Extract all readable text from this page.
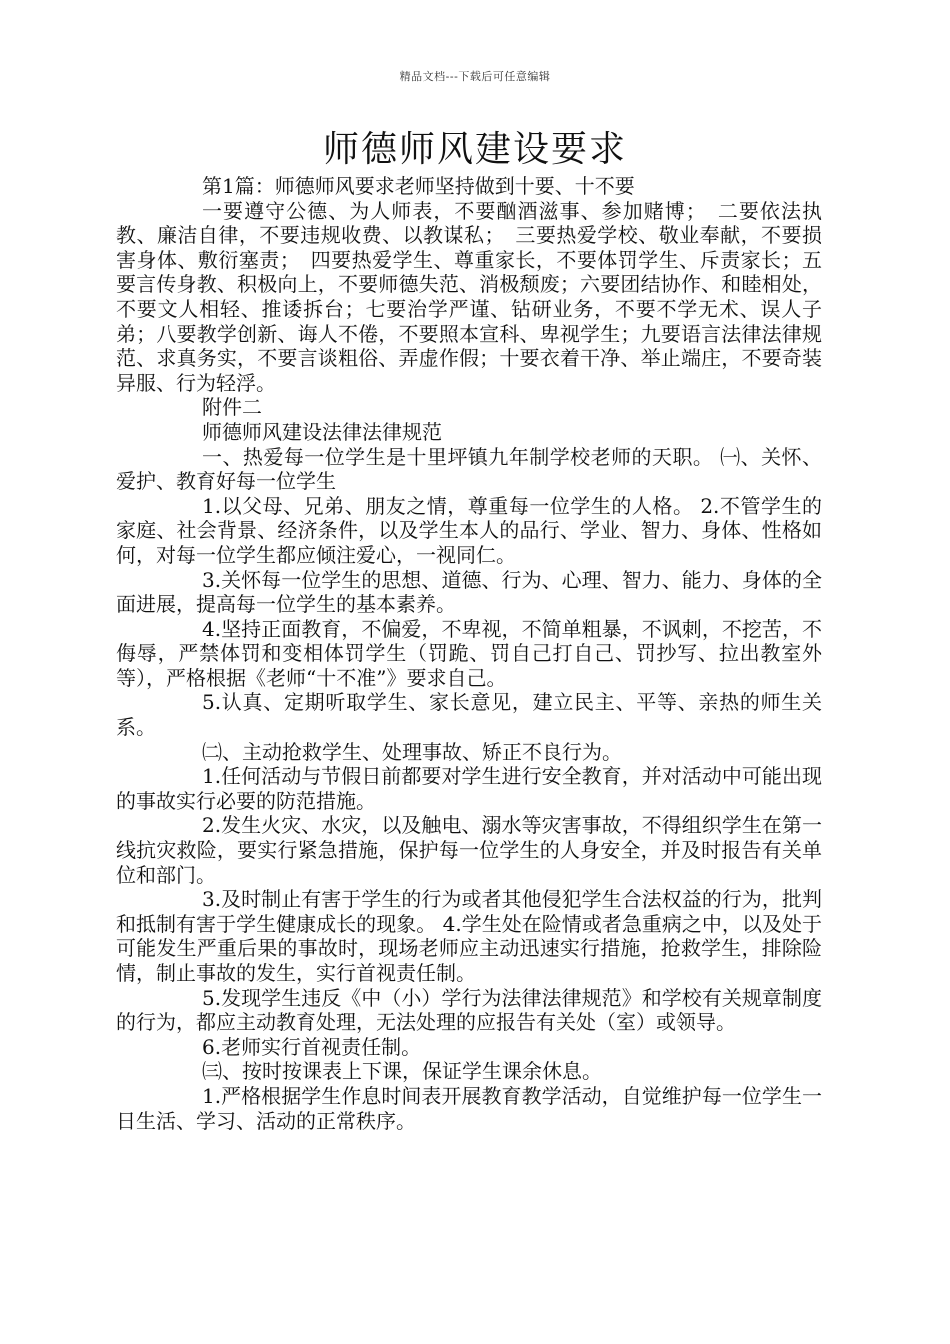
精品文档---下载后可任意编辑
师德师风建设要求

第1篇：师德师风要求老师坚持做到十要、十不要

一要遵守公德、为人师表，不要酗酒滋事、参加赌博；　二要依法执教、廉洁自律，不要违规收费、以教谋私；　三要热爱学校、敬业奉献，不要损害身体、敷衍塞责；　四要热爱学生、尊重家长，不要体罚学生、斥责家长；五要言传身教、积极向上，不要师德失范、消极颓废；六要团结协作、和睦相处，不要文人相轻、推诿拆台；七要治学严谨、钻研业务，不要不学无术、误人子弟；八要教学创新、诲人不倦，不要照本宣科、卑视学生；九要语言法律法律规范、求真务实，不要言谈粗俗、弄虚作假；十要衣着干净、举止端庄，不要奇装异服、行为轻浮。

附件二

师德师风建设法律法律规范

一、热爱每一位学生是十里坪镇九年制学校老师的天职。 ㈠、关怀、爱护、教育好每一位学生

1.以父母、兄弟、朋友之情，尊重每一位学生的人格。 2.不管学生的家庭、社会背景、经济条件，以及学生本人的品行、学业、智力、身体、性格如何，对每一位学生都应倾注爱心，一视同仁。

3.关怀每一位学生的思想、道德、行为、心理、智力、能力、身体的全面进展，提高每一位学生的基本素养。

4.坚持正面教育，不偏爱，不卑视，不简单粗暴，不讽刺，不挖苦，不侮辱，严禁体罚和变相体罚学生（罚跪、罚自己打自己、罚抄写、拉出教室外等），严格根据《老师“十不准”》要求自己。

5.认真、定期听取学生、家长意见，建立民主、平等、亲热的师生关系。

㈡、主动抢救学生、处理事故、矫正不良行为。

1.任何活动与节假日前都要对学生进行安全教育，并对活动中可能出现的事故实行必要的防范措施。

2.发生火灾、水灾，以及触电、溺水等灾害事故，不得组织学生在第一线抗灾救险，要实行紧急措施，保护每一位学生的人身安全，并及时报告有关单位和部门。

3.及时制止有害于学生的行为或者其他侵犯学生合法权益的行为，批判和抵制有害于学生健康成长的现象。 4.学生处在险情或者急重病之中，以及处于可能发生严重后果的事故时，现场老师应主动迅速实行措施，抢救学生，排除险情，制止事故的发生，实行首视责任制。

5.发现学生违反《中（小）学行为法律法律规范》和学校有关规章制度的行为，都应主动教育处理，无法处理的应报告有关处（室）或领导。

6.老师实行首视责任制。

㈢、按时按课表上下课，保证学生课余休息。

1.严格根据学生作息时间表开展教育教学活动，自觉维护每一位学生一日生活、学习、活动的正常秩序。
